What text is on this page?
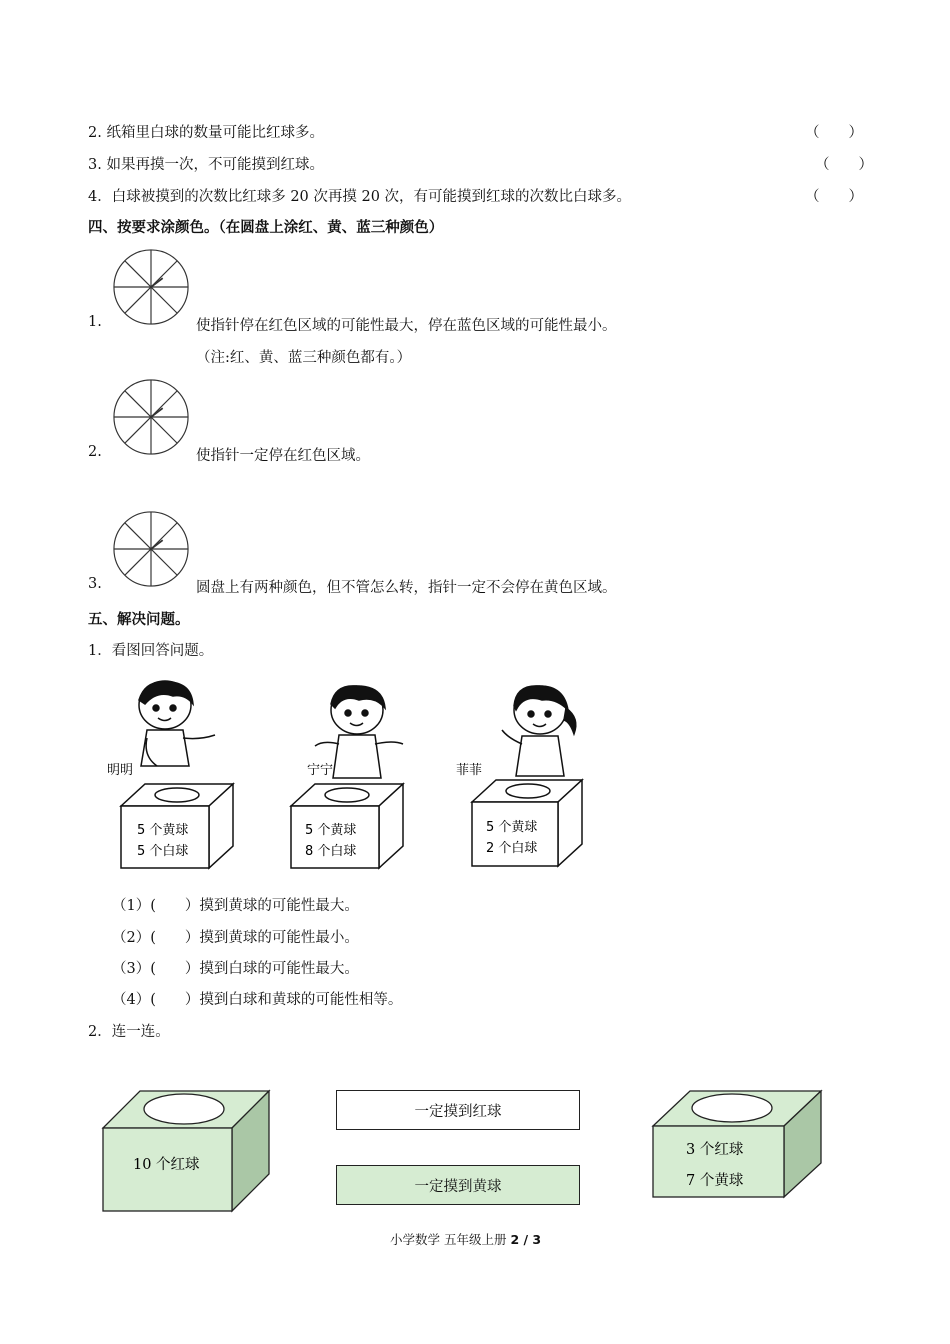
2. 纸箱里白球的数量可能比红球多。	（　　）
3. 如果再摸一次，不可能摸到红球。	（　　）
4．白球被摸到的次数比红球多 20 次再摸 20 次，有可能摸到红球的次数比白球多。	（　　）
四、按要求涂颜色。（在圆盘上涂红、黄、蓝三种颜色）
1.	使指针停在红色区域的可能性最大，停在蓝色区域的可能性最小。
（注:红、黄、蓝三种颜色都有。）
2.	使指针一定停在红色区域。
3.	圆盘上有两种颜色，但不管怎么转，指针一定不会停在黄色区域。
五、解决问题。
1．看图回答问题。
明明
5 个黄球
5 个白球
宁宁
5 个黄球
8 个白球
菲菲
5 个黄球
2 个白球
（1）(　　）摸到黄球的可能性最大。
（2）(　　）摸到黄球的可能性最小。
（3）(　　）摸到白球的可能性最大。
（4）(　　）摸到白球和黄球的可能性相等。
2．连一连。
10 个红球
一定摸到红球
一定摸到黄球
3 个红球
7 个黄球
小学数学 五年级上册 2 / 3
